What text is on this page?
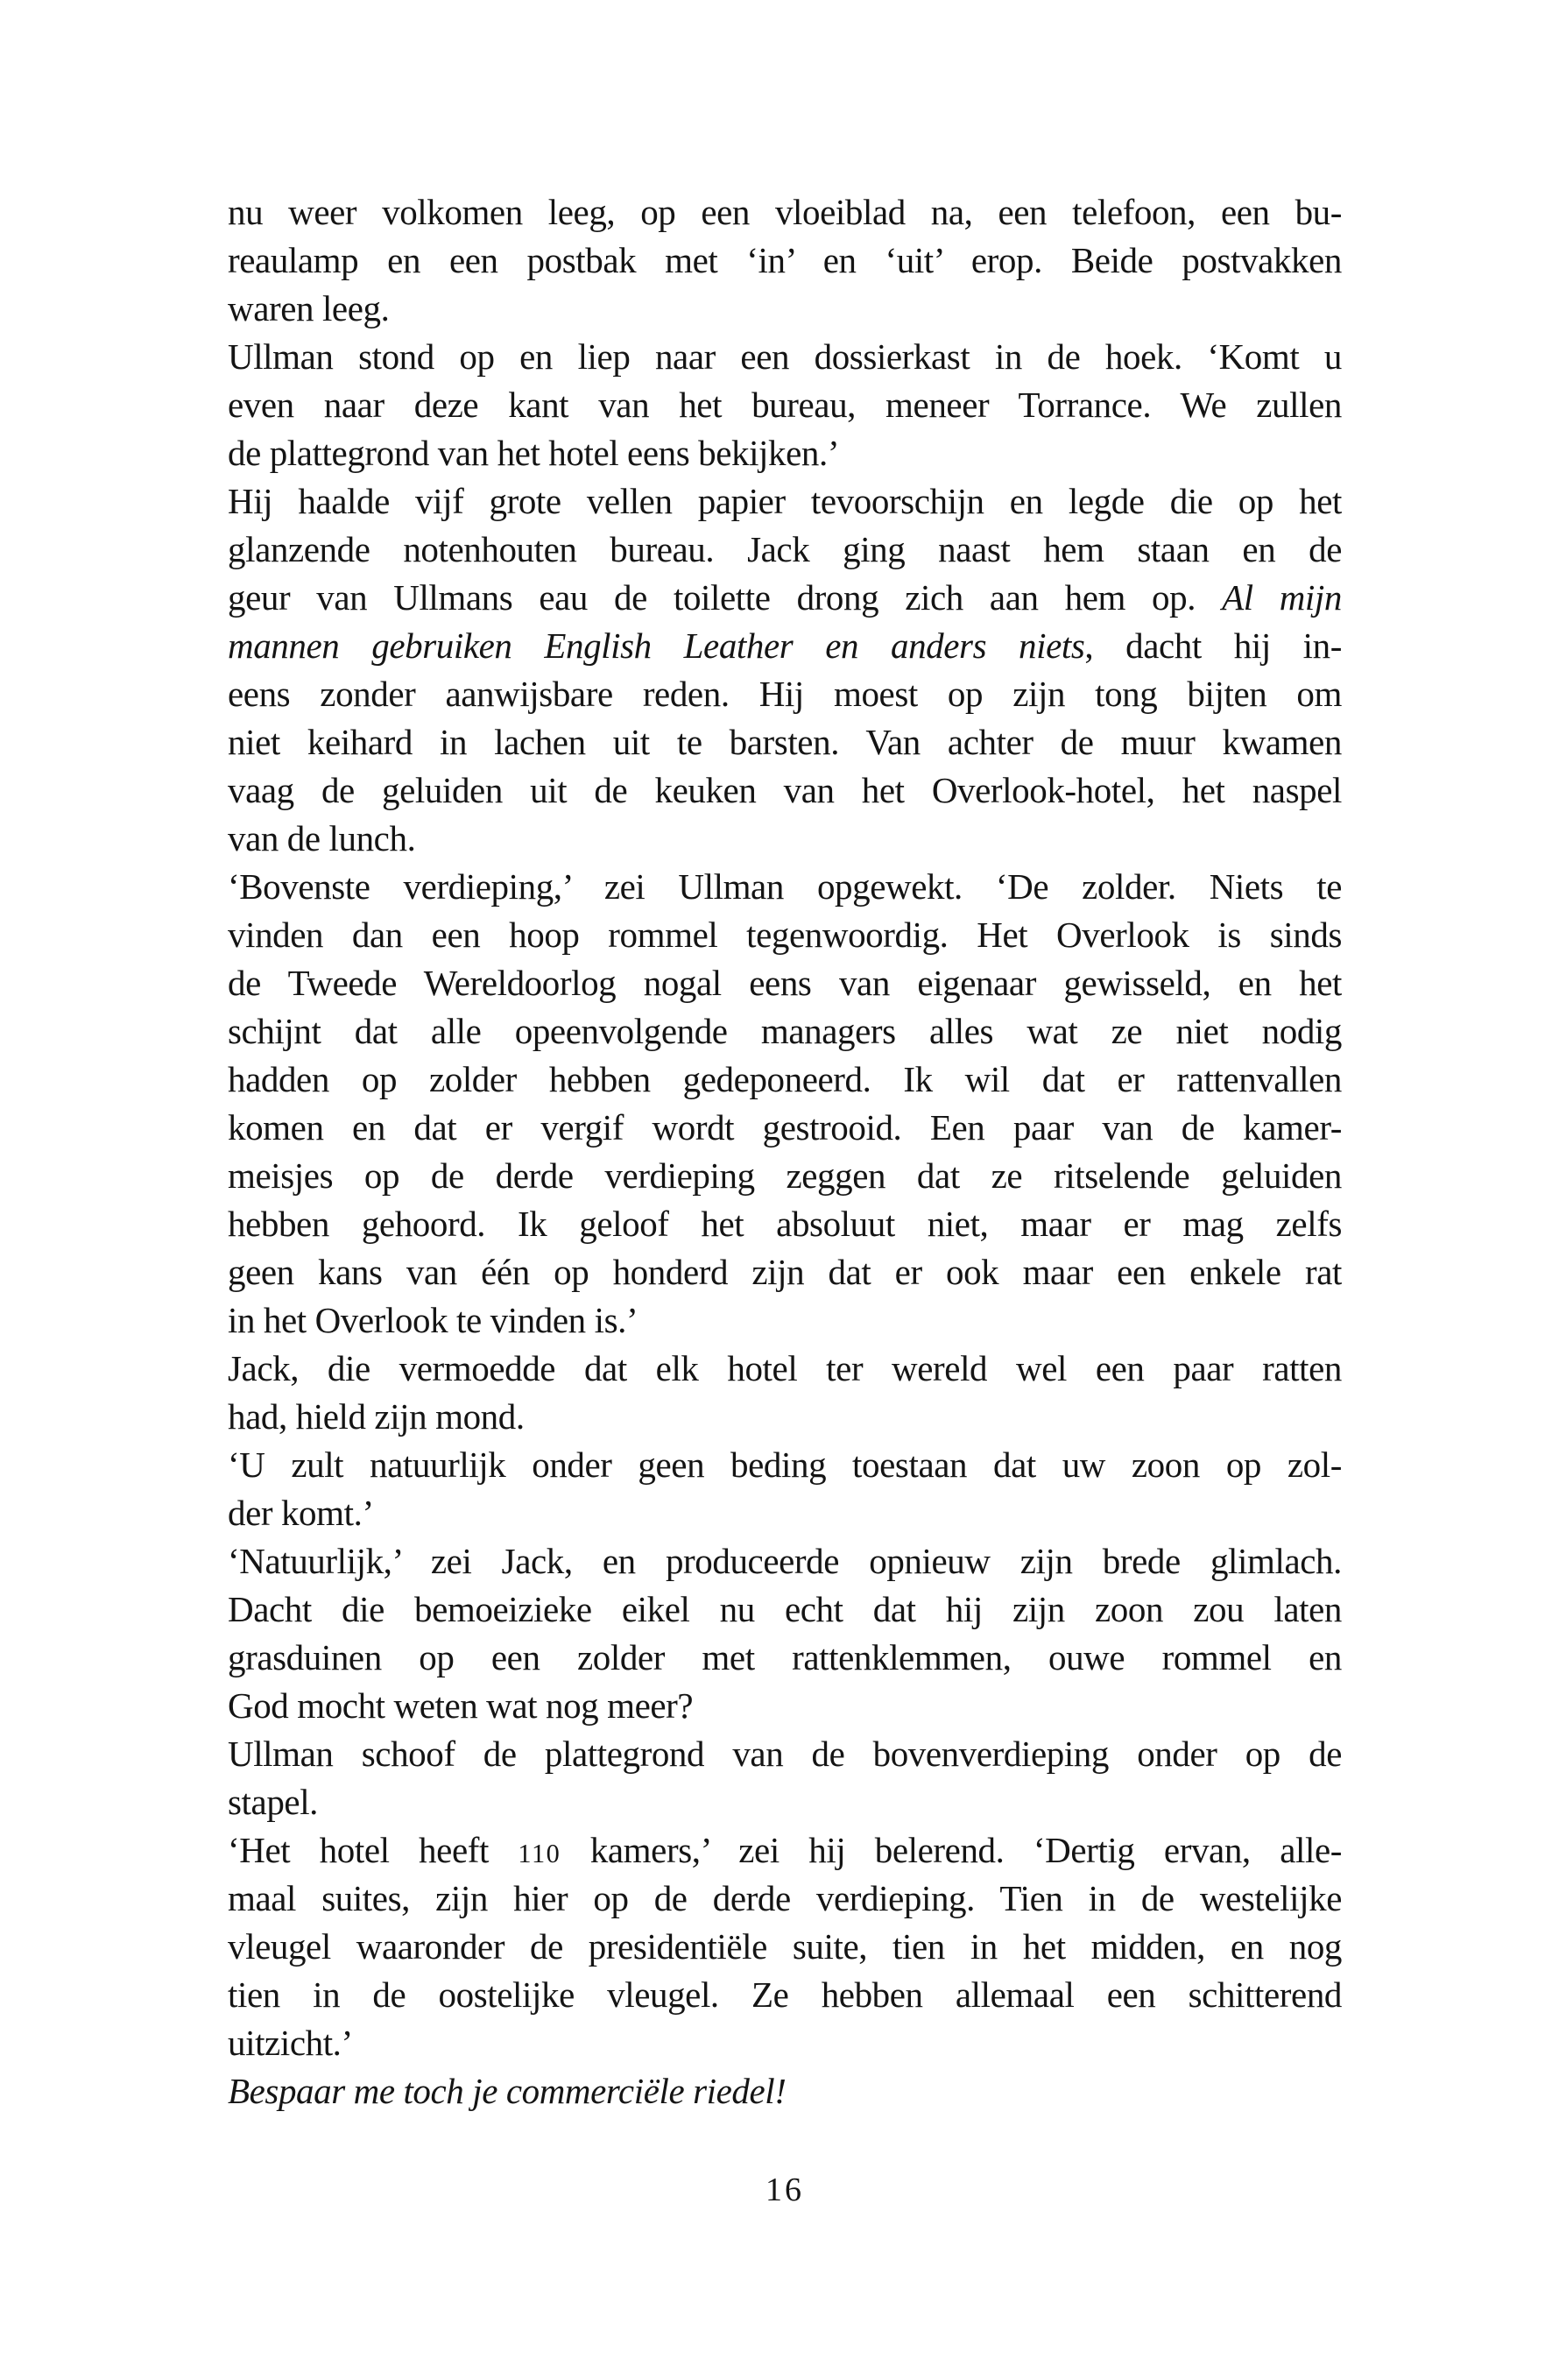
nu weer volkomen leeg, op een vloeiblad na, een telefoon, een bu-
reaulamp en een postbak met ‘in’ en ‘uit’ erop. Beide postvakken
waren leeg.
Ullman stond op en liep naar een dossierkast in de hoek. ‘Komt u
even naar deze kant van het bureau, meneer Torrance. We zullen
de plattegrond van het hotel eens bekijken.’
Hij haalde vijf grote vellen papier tevoorschijn en legde die op het
glanzende notenhouten bureau. Jack ging naast hem staan en de
geur van Ullmans eau de toilette drong zich aan hem op. Al mijn
mannen gebruiken English Leather en anders niets, dacht hij in-
eens zonder aanwijsbare reden. Hij moest op zijn tong bijten om
niet keihard in lachen uit te barsten. Van achter de muur kwamen
vaag de geluiden uit de keuken van het Overlook-hotel, het naspel
van de lunch.
‘Bovenste verdieping,’ zei Ullman opgewekt. ‘De zolder. Niets te
vinden dan een hoop rommel tegenwoordig. Het Overlook is sinds
de Tweede Wereldoorlog nogal eens van eigenaar gewisseld, en het
schijnt dat alle opeenvolgende managers alles wat ze niet nodig
hadden op zolder hebben gedeponeerd. Ik wil dat er rattenvallen
komen en dat er vergif wordt gestrooid. Een paar van de kamer-
meisjes op de derde verdieping zeggen dat ze ritselende geluiden
hebben gehoord. Ik geloof het absoluut niet, maar er mag zelfs
geen kans van één op honderd zijn dat er ook maar een enkele rat
in het Overlook te vinden is.’
Jack, die vermoedde dat elk hotel ter wereld wel een paar ratten
had, hield zijn mond.
‘U zult natuurlijk onder geen beding toestaan dat uw zoon op zol-
der komt.’
‘Natuurlijk,’ zei Jack, en produceerde opnieuw zijn brede glimlach.
Dacht die bemoeizieke eikel nu echt dat hij zijn zoon zou laten
grasduinen op een zolder met rattenklemmen, ouwe rommel en
God mocht weten wat nog meer?
Ullman schoof de plattegrond van de bovenverdieping onder op de
stapel.
‘Het hotel heeft 110 kamers,’ zei hij belerend. ‘Dertig ervan, alle-
maal suites, zijn hier op de derde verdieping. Tien in de westelijke
vleugel waaronder de presidentiële suite, tien in het midden, en nog
tien in de oostelijke vleugel. Ze hebben allemaal een schitterend
uitzicht.’
Bespaar me toch je commerciële riedel!
16
